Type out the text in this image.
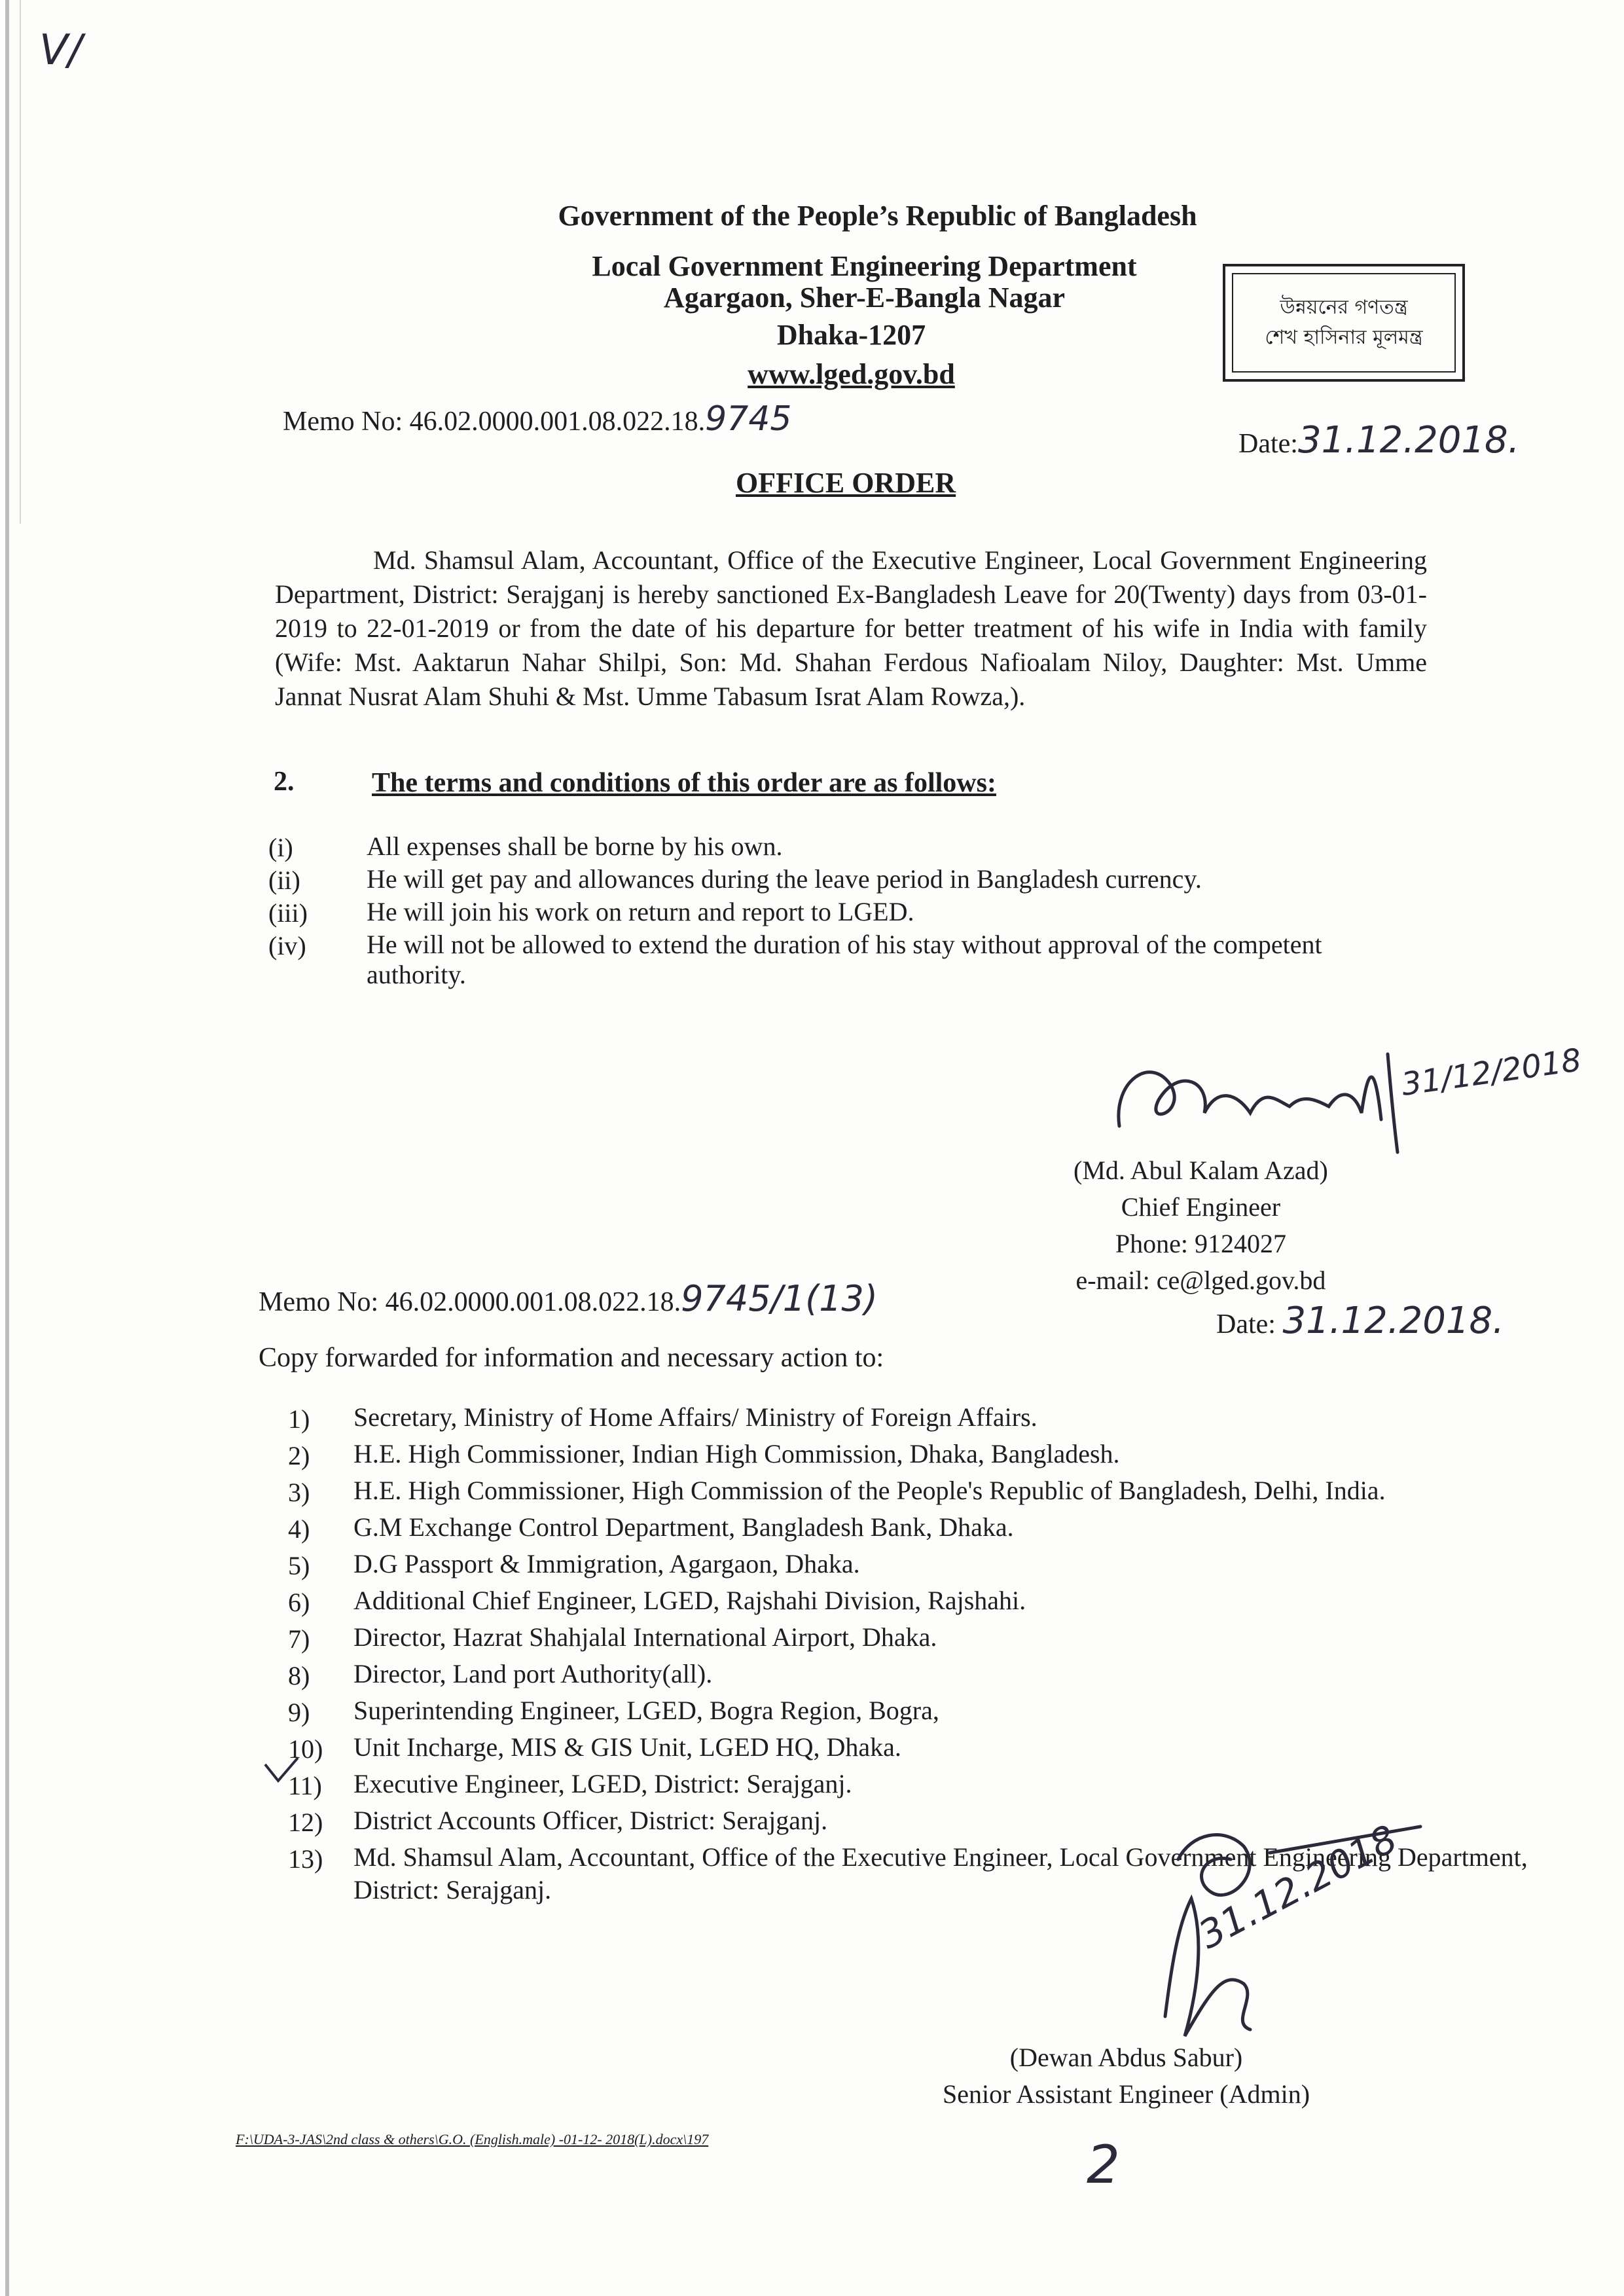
V/
Government of the People’s Republic of Bangladesh
Local Government Engineering Department
Agargaon, Sher-E-Bangla Nagar
Dhaka-1207
www.lged.gov.bd
উন্নয়নের গণতন্ত্র
শেখ হাসিনার মূলমন্ত্র
Memo No: 46.02.0000.001.08.022.18.9745
Date:31.12.2018.
OFFICE ORDER
Md. Shamsul Alam, Accountant, Office of the Executive Engineer, Local Government Engineering Department, District: Serajganj is hereby sanctioned Ex-Bangladesh Leave for 20(Twenty) days from 03-01-2019 to 22-01-2019 or from the date of his departure for better treatment of his wife in India with family (Wife: Mst. Aaktarun Nahar Shilpi, Son: Md. Shahan Ferdous Nafioalam Niloy, Daughter: Mst. Umme Jannat Nusrat Alam Shuhi & Mst. Umme Tabasum Israt Alam Rowza,).
2.	The terms and conditions of this order are as follows:
(i)	All expenses shall be borne by his own.
(ii)	He will get pay and allowances during the leave period in Bangladesh currency.
(iii)	He will join his work on return and report to LGED.
(iv)	He will not be allowed to extend the duration of his stay without approval of the competent authority.
31/12/2018
(Md. Abul Kalam Azad)
Chief Engineer
Phone: 9124027
e-mail: ce@lged.gov.bd
Memo No: 46.02.0000.001.08.022.18.9745/1(13)
Date: 31.12.2018.
Copy forwarded for information and necessary action to:
1)	Secretary, Ministry of Home Affairs/ Ministry of Foreign Affairs.
2)	H.E. High Commissioner, Indian High Commission, Dhaka, Bangladesh.
3)	H.E. High Commissioner, High Commission of the People's Republic of Bangladesh, Delhi, India.
4)	G.M Exchange Control Department, Bangladesh Bank, Dhaka.
5)	D.G Passport & Immigration, Agargaon, Dhaka.
6)	Additional Chief Engineer, LGED, Rajshahi Division, Rajshahi.
7)	Director, Hazrat Shahjalal International Airport, Dhaka.
8)	Director, Land port Authority(all).
9)	Superintending Engineer, LGED, Bogra Region, Bogra,
10)	Unit Incharge, MIS & GIS Unit, LGED HQ, Dhaka.
11)	Executive Engineer, LGED, District: Serajganj.
12)	District Accounts Officer, District: Serajganj.
13)	Md. Shamsul Alam, Accountant, Office of the Executive Engineer, Local Government Engineering Department, District: Serajganj.	31.12.2018
(Dewan Abdus Sabur)
Senior Assistant Engineer (Admin)
F:\UDA-3-JAS\2nd class & others\G.O. (English.male) -01-12- 2018(L).docx\197	2
